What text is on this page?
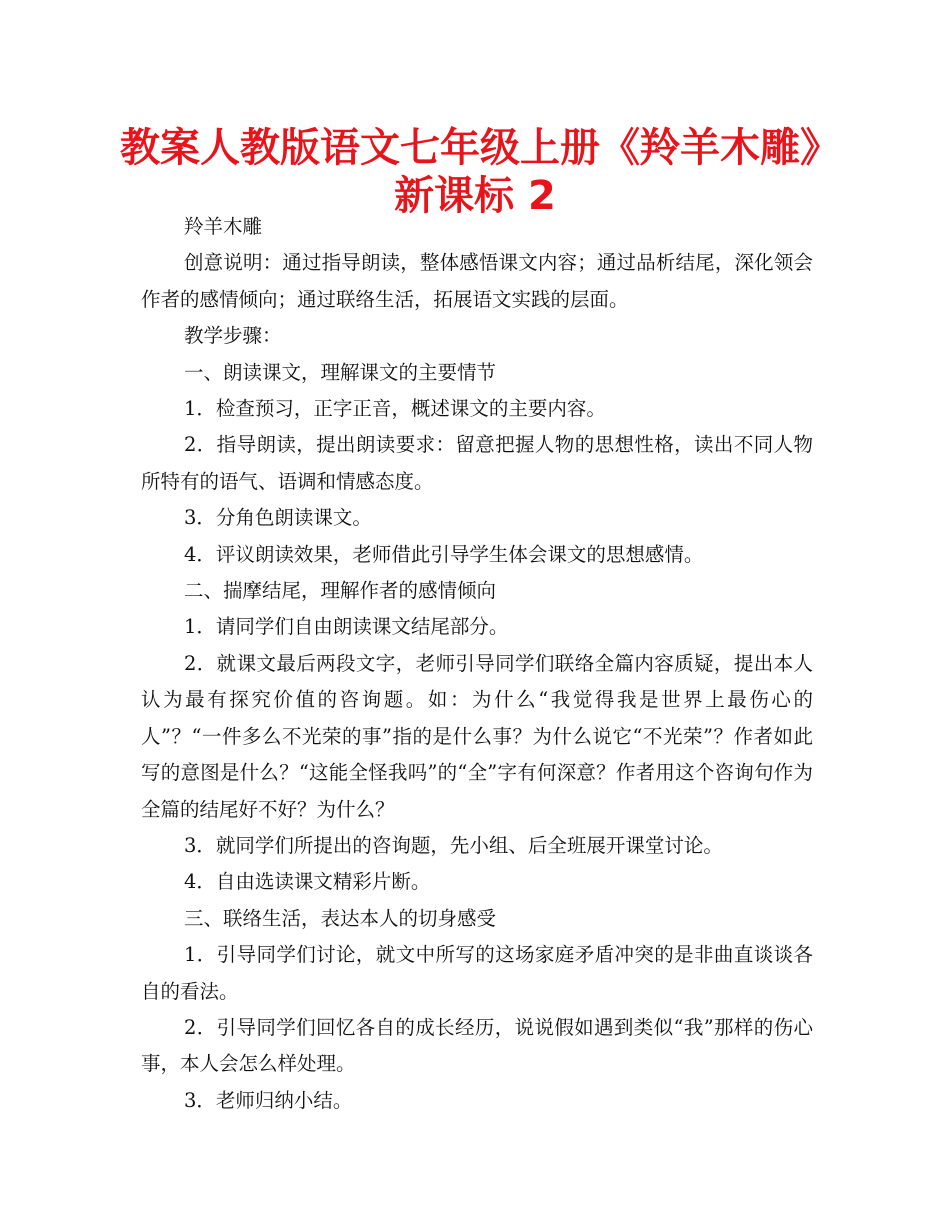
教案人教版语文七年级上册《羚羊木雕》
新课标 2

羚羊木雕

创意说明：通过指导朗读，整体感悟课文内容；通过品析结尾，深化领会作者的感情倾向；通过联络生活，拓展语文实践的层面。

教学步骤：

一、朗读课文，理解课文的主要情节

1．检查预习，正字正音，概述课文的主要内容。

2．指导朗读，提出朗读要求：留意把握人物的思想性格，读出不同人物所特有的语气、语调和情感态度。

3．分角色朗读课文。

4．评议朗读效果，老师借此引导学生体会课文的思想感情。

二、揣摩结尾，理解作者的感情倾向

1．请同学们自由朗读课文结尾部分。

2．就课文最后两段文字，老师引导同学们联络全篇内容质疑，提出本人认为最有探究价值的咨询题。如：为什么“我觉得我是世界上最伤心的人”？“一件多么不光荣的事”指的是什么事？为什么说它“不光荣”？作者如此写的意图是什么？“这能全怪我吗”的“全”字有何深意？作者用这个咨询句作为全篇的结尾好不好？为什么？

3．就同学们所提出的咨询题，先小组、后全班展开课堂讨论。

4．自由选读课文精彩片断。

三、联络生活，表达本人的切身感受

1．引导同学们讨论，就文中所写的这场家庭矛盾冲突的是非曲直谈谈各自的看法。

2．引导同学们回忆各自的成长经历，说说假如遇到类似“我”那样的伤心事，本人会怎么样处理。

3．老师归纳小结。
